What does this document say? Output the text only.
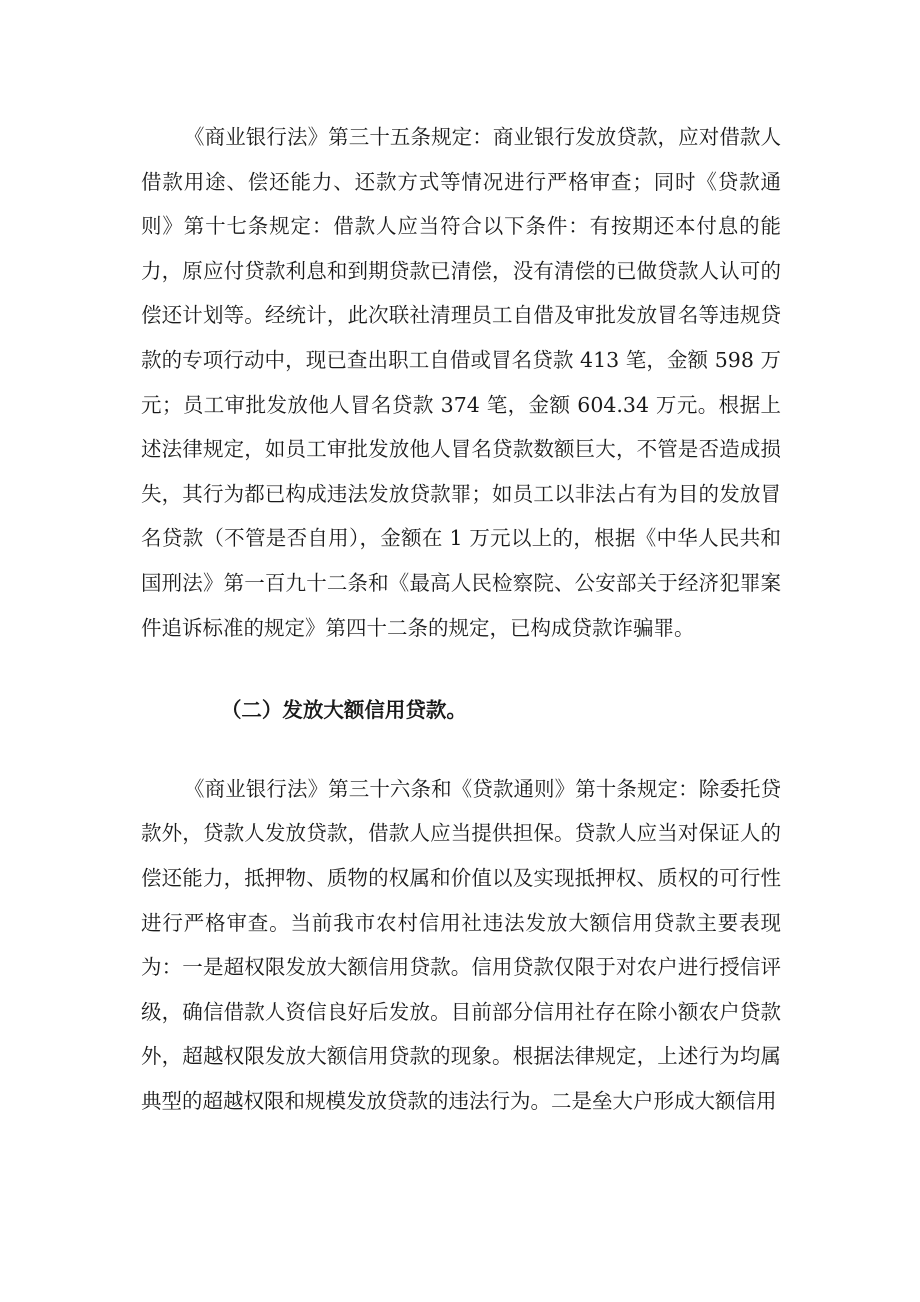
《商业银行法》第三十五条规定：商业银行发放贷款，应对借款人借款用途、偿还能力、还款方式等情况进行严格审查；同时《贷款通则》第十七条规定：借款人应当符合以下条件：有按期还本付息的能力，原应付贷款利息和到期贷款已清偿，没有清偿的已做贷款人认可的偿还计划等。经统计，此次联社清理员工自借及审批发放冒名等违规贷款的专项行动中，现已查出职工自借或冒名贷款 413 笔，金额 598 万元；员工审批发放他人冒名贷款 374 笔，金额 604.34 万元。根据上述法律规定，如员工审批发放他人冒名贷款数额巨大，不管是否造成损失，其行为都已构成违法发放贷款罪；如员工以非法占有为目的发放冒名贷款（不管是否自用），金额在 1 万元以上的，根据《中华人民共和国刑法》第一百九十二条和《最高人民检察院、公安部关于经济犯罪案件追诉标准的规定》第四十二条的规定，已构成贷款诈骗罪。

（二）发放大额信用贷款。

《商业银行法》第三十六条和《贷款通则》第十条规定：除委托贷款外，贷款人发放贷款，借款人应当提供担保。贷款人应当对保证人的偿还能力，抵押物、质物的权属和价值以及实现抵押权、质权的可行性进行严格审查。当前我市农村信用社违法发放大额信用贷款主要表现为：一是超权限发放大额信用贷款。信用贷款仅限于对农户进行授信评级，确信借款人资信良好后发放。目前部分信用社存在除小额农户贷款外，超越权限发放大额信用贷款的现象。根据法律规定，上述行为均属典型的超越权限和规模发放贷款的违法行为。二是垒大户形成大额信用
